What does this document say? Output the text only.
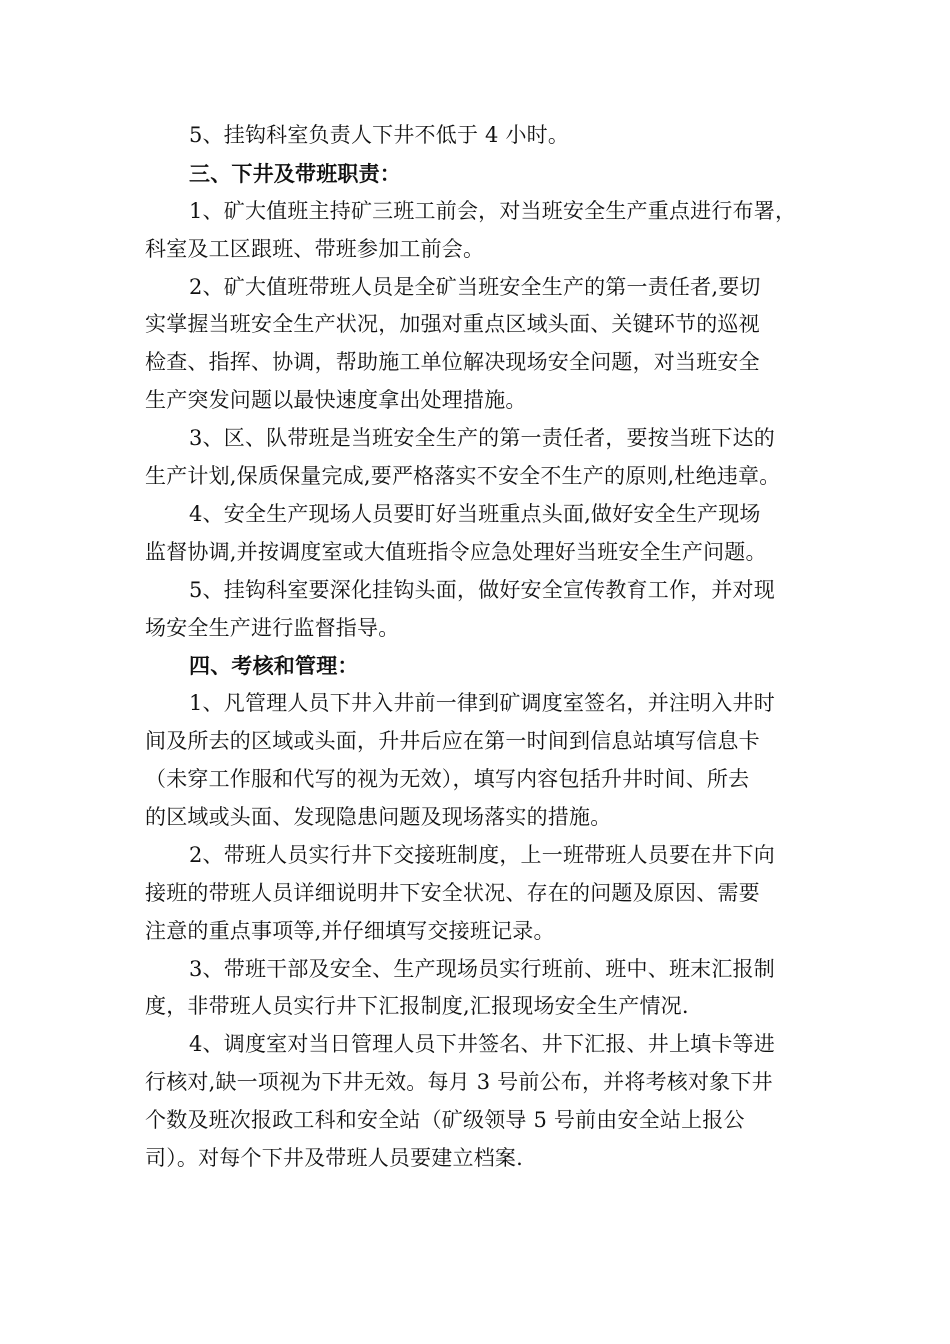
5、挂钩科室负责人下井不低于 4 小时。
三、下井及带班职责：
1、矿大值班主持矿三班工前会，对当班安全生产重点进行布署，
科室及工区跟班、带班参加工前会。
2、矿大值班带班人员是全矿当班安全生产的第一责任者,要切
实掌握当班安全生产状况，加强对重点区域头面、关键环节的巡视
检查、指挥、协调，帮助施工单位解决现场安全问题，对当班安全
生产突发问题以最快速度拿出处理措施。
3、区、队带班是当班安全生产的第一责任者，要按当班下达的
生产计划,保质保量完成,要严格落实不安全不生产的原则,杜绝违章。
4、安全生产现场人员要盯好当班重点头面,做好安全生产现场
监督协调,并按调度室或大值班指令应急处理好当班安全生产问题。
5、挂钩科室要深化挂钩头面，做好安全宣传教育工作，并对现
场安全生产进行监督指导。
四、考核和管理：
1、凡管理人员下井入井前一律到矿调度室签名，并注明入井时
间及所去的区域或头面，升井后应在第一时间到信息站填写信息卡
（未穿工作服和代写的视为无效），填写内容包括升井时间、所去
的区域或头面、发现隐患问题及现场落实的措施。
2、带班人员实行井下交接班制度，上一班带班人员要在井下向
接班的带班人员详细说明井下安全状况、存在的问题及原因、需要
注意的重点事项等,并仔细填写交接班记录。
3、带班干部及安全、生产现场员实行班前、班中、班末汇报制
度，非带班人员实行井下汇报制度,汇报现场安全生产情况.
4、调度室对当日管理人员下井签名、井下汇报、井上填卡等进
行核对,缺一项视为下井无效。每月 3 号前公布，并将考核对象下井
个数及班次报政工科和安全站（矿级领导 5 号前由安全站上报公
司）。对每个下井及带班人员要建立档案.
